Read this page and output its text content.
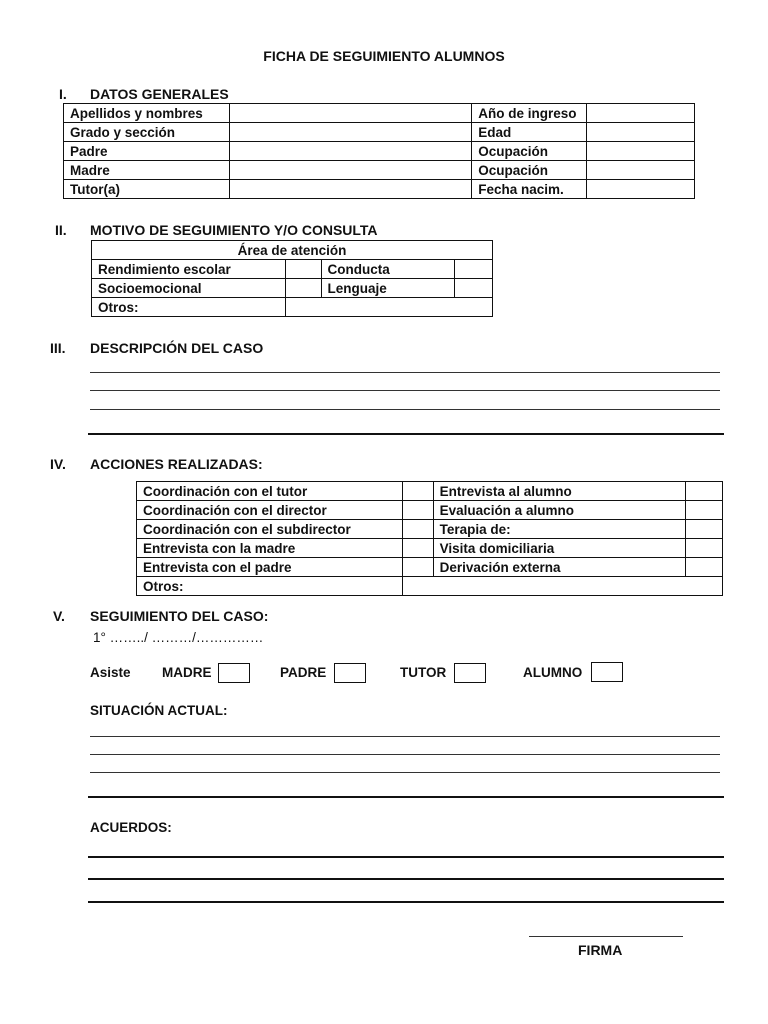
FICHA DE SEGUIMIENTO ALUMNOS
I. DATOS GENERALES
Apellidos y nombres		Año de ingreso	
Grado y sección		Edad	
Padre		Ocupación	
Madre		Ocupación	
Tutor(a)		Fecha nacim.	
II. MOTIVO DE SEGUIMIENTO Y/O CONSULTA
Área de atención			
Rendimiento escolar		Conducta	
Socioemocional		Lenguaje	
Otros:			
III. DESCRIPCIÓN DEL CASO
IV. ACCIONES REALIZADAS:
Coordinación con el tutor		Entrevista al alumno	
Coordinación con el director		Evaluación a alumno	
Coordinación con el subdirector		Terapia de:	
Entrevista con la madre		Visita domiciliaria	
Entrevista con el padre		Derivación externa	
Otros:			
V. SEGUIMIENTO DEL CASO:
1° ……../ ………/……………
Asiste MADRE	PADRE	TUTOR	ALUMNO
SITUACIÓN ACTUAL:
ACUERDOS:
FIRMA
